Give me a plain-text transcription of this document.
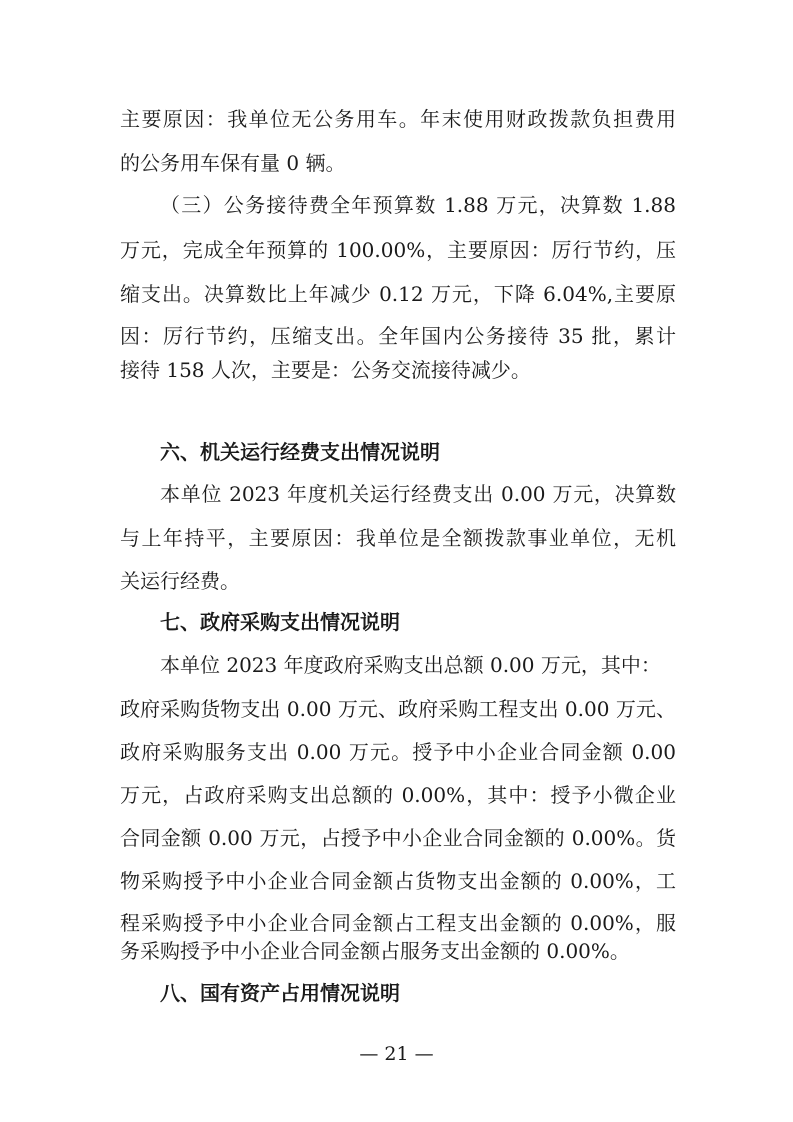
主要原因：我单位无公务用车。年末使用财政拨款负担费用
的公务用车保有量 0 辆。
（三）公务接待费全年预算数 1.88 万元，决算数 1.88
万元，完成全年预算的 100.00%，主要原因：厉行节约，压
缩支出。决算数比上年减少 0.12 万元，下降 6.04%,主要原
因：厉行节约，压缩支出。全年国内公务接待 35 批，累计
接待 158 人次，主要是：公务交流接待减少。
六、机关运行经费支出情况说明
本单位 2023 年度机关运行经费支出 0.00 万元，决算数
与上年持平，主要原因：我单位是全额拨款事业单位，无机
关运行经费。
七、政府采购支出情况说明
本单位 2023 年度政府采购支出总额 0.00 万元，其中：
政府采购货物支出 0.00 万元、政府采购工程支出 0.00 万元、
政府采购服务支出 0.00 万元。授予中小企业合同金额 0.00
万元，占政府采购支出总额的 0.00%，其中：授予小微企业
合同金额 0.00 万元，占授予中小企业合同金额的 0.00%。货
物采购授予中小企业合同金额占货物支出金额的 0.00%，工
程采购授予中小企业合同金额占工程支出金额的 0.00%，服
务采购授予中小企业合同金额占服务支出金额的 0.00%。
八、国有资产占用情况说明
— 21 —
